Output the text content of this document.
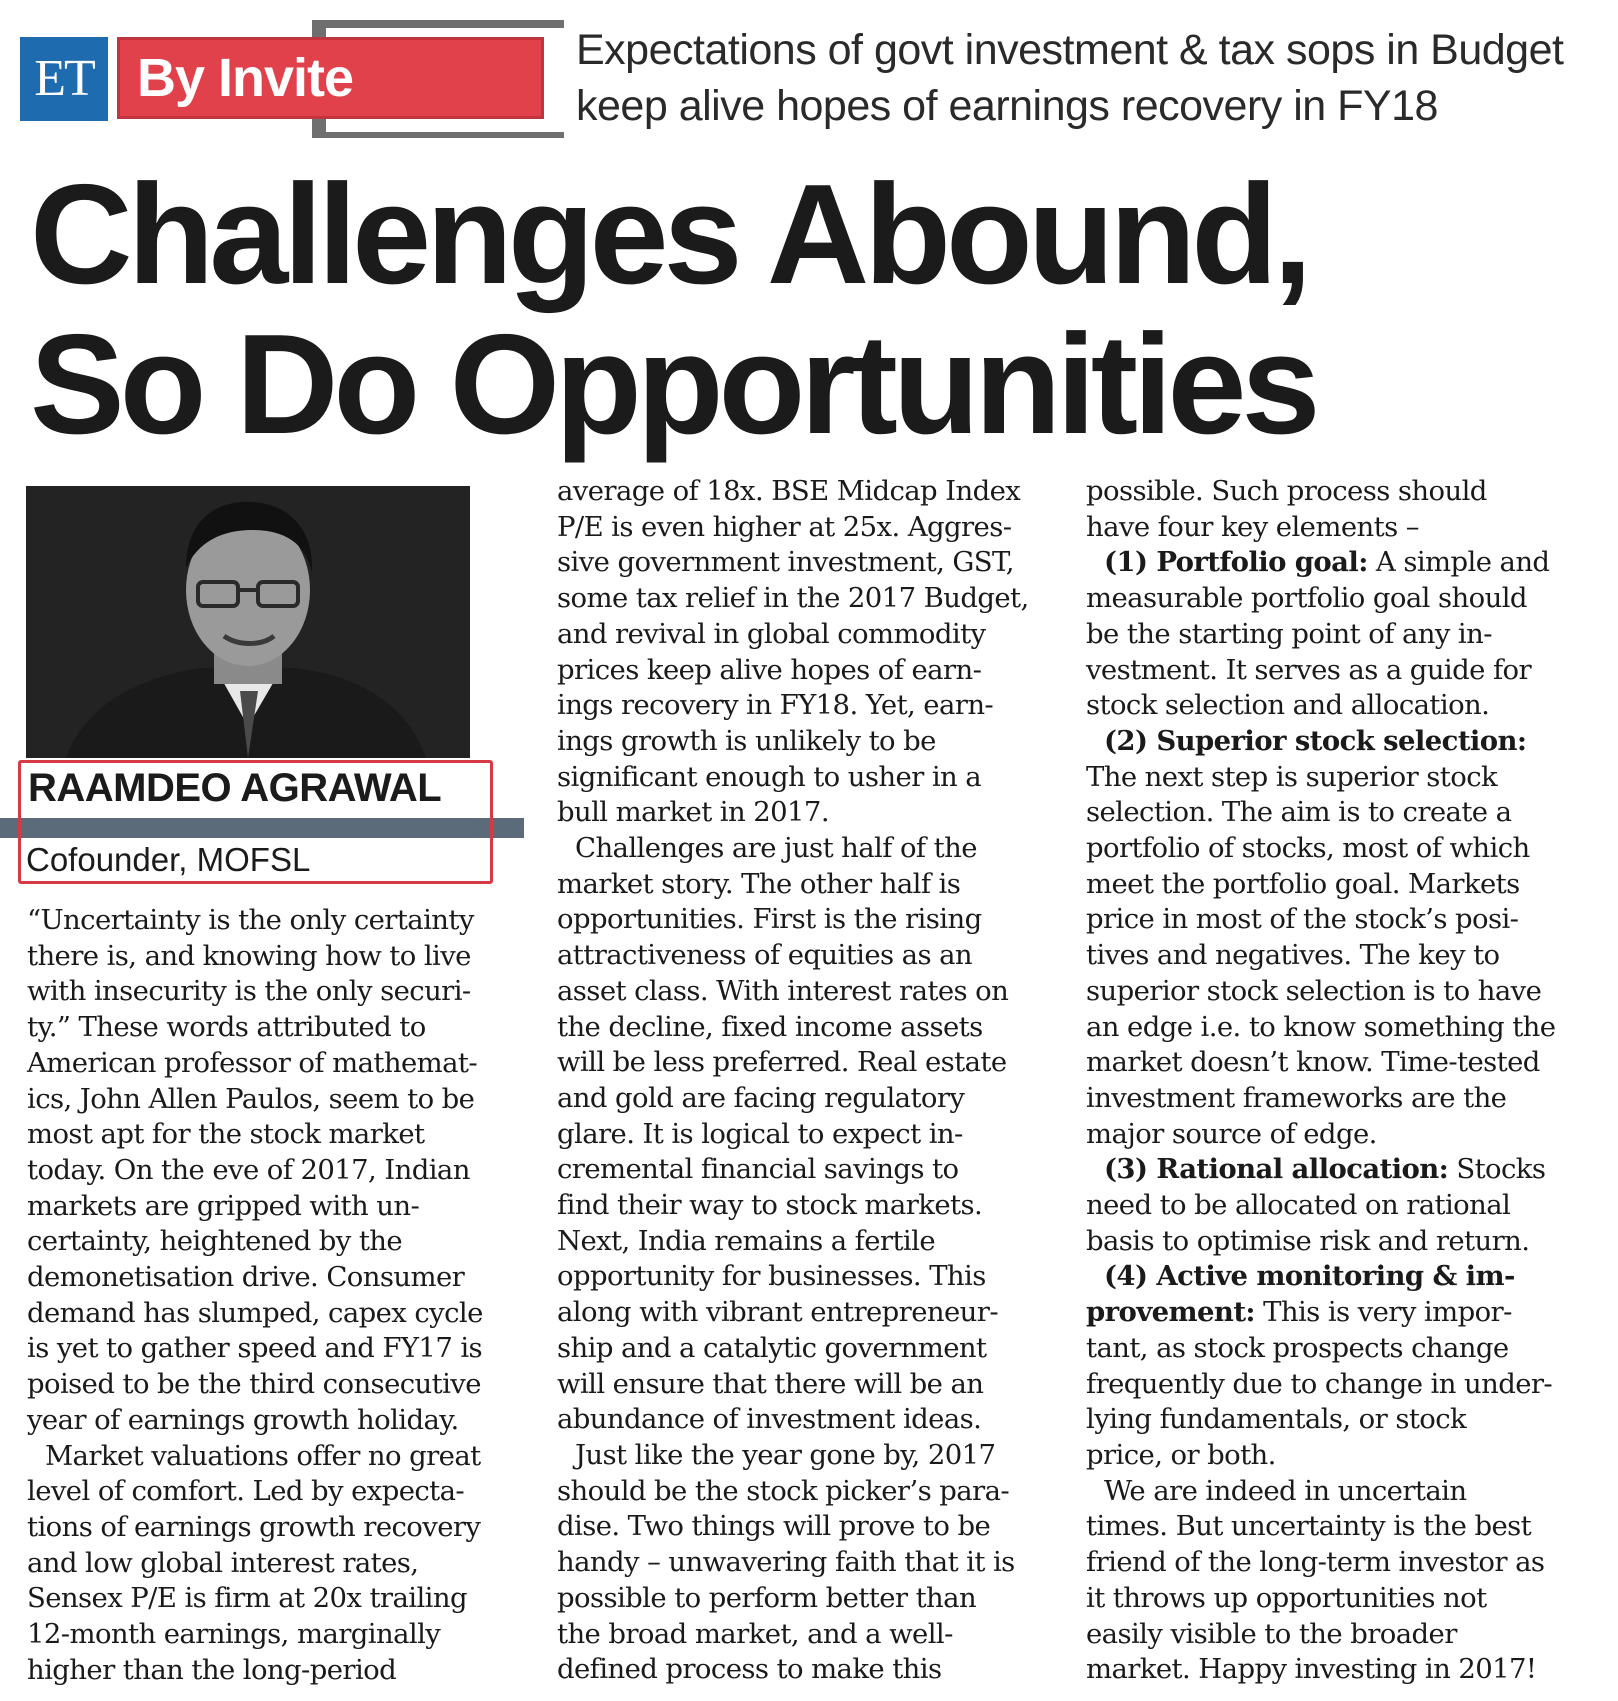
ET By Invite	Expectations of govt investment & tax sops in Budget
keep alive hopes of earnings recovery in FY18
Challenges Abound,
So Do Opportunities
RAAMDEO AGRAWAL
Cofounder, MOFSL

“Uncertainty is the only certainty

there is, and knowing how to live

with insecurity is the only securi-

ty.” These words attributed to

American professor of mathemat-

ics, John Allen Paulos, seem to be

most apt for the stock market

today. On the eve of 2017, Indian

markets are gripped with un-

certainty, heightened by the

demonetisation drive. Consumer

demand has slumped, capex cycle

is yet to gather speed and FY17 is

poised to be the third consecutive

year of earnings growth holiday.

Market valuations offer no great

level of comfort. Led by expecta-

tions of earnings growth recovery

and low global interest rates,

Sensex P/E is firm at 20x trailing

12-month earnings, marginally

higher than the long-period

average of 18x. BSE Midcap Index

P/E is even higher at 25x. Aggres-

sive government investment, GST,

some tax relief in the 2017 Budget,

and revival in global commodity

prices keep alive hopes of earn-

ings recovery in FY18. Yet, earn-

ings growth is unlikely to be

significant enough to usher in a

bull market in 2017.

Challenges are just half of the

market story. The other half is

opportunities. First is the rising

attractiveness of equities as an

asset class. With interest rates on

the decline, fixed income assets

will be less preferred. Real estate

and gold are facing regulatory

glare. It is logical to expect in-

cremental financial savings to

find their way to stock markets.

Next, India remains a fertile

opportunity for businesses. This

along with vibrant entrepreneur-

ship and a catalytic government

will ensure that there will be an

abundance of investment ideas.

Just like the year gone by, 2017

should be the stock picker’s para-

dise. Two things will prove to be

handy – unwavering faith that it is

possible to perform better than

the broad market, and a well-

defined process to make this

possible. Such process should

have four key elements –

(1) Portfolio goal: A simple and

measurable portfolio goal should

be the starting point of any in-

vestment. It serves as a guide for

stock selection and allocation.

(2) Superior stock selection:

The next step is superior stock

selection. The aim is to create a

portfolio of stocks, most of which

meet the portfolio goal. Markets

price in most of the stock’s posi-

tives and negatives. The key to

superior stock selection is to have

an edge i.e. to know something the

market doesn’t know. Time-tested

investment frameworks are the

major source of edge.

(3) Rational allocation: Stocks

need to be allocated on rational

basis to optimise risk and return.

(4) Active monitoring & im-

provement: This is very impor-

tant, as stock prospects change

frequently due to change in under-

lying fundamentals, or stock

price, or both.

We are indeed in uncertain

times. But uncertainty is the best

friend of the long-term investor as

it throws up opportunities not

easily visible to the broader

market. Happy investing in 2017!
